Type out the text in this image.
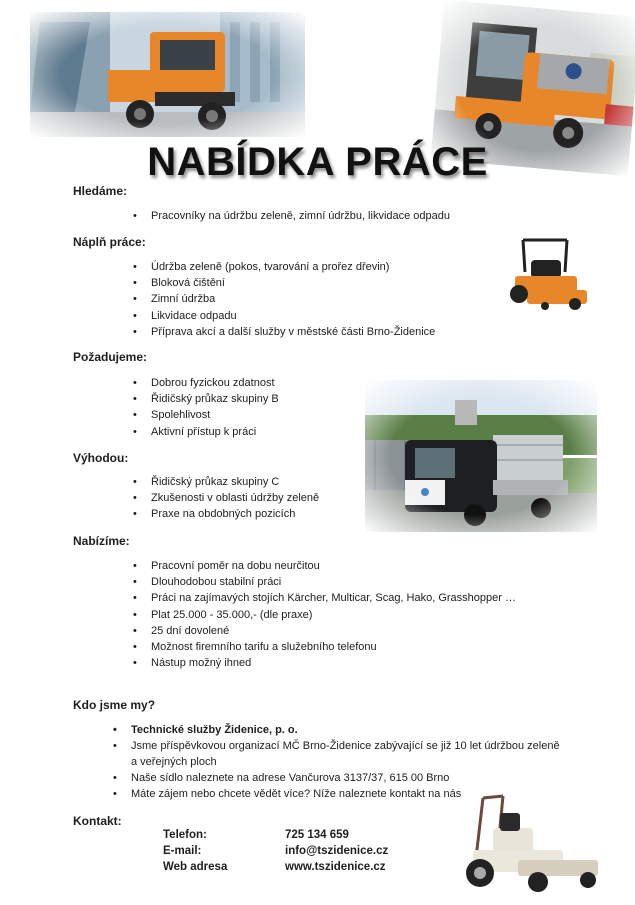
NABÍDKA PRÁCE
Hledáme:
• Pracovníky na údržbu zeleně, zimní údržbu, likvidace odpadu
Náplň práce:
• Údržba zeleně (pokos, tvarování a prořez dřevin)
• Bloková čištění
• Zimní údržba
• Likvidace odpadu
• Příprava akcí a další služby v městské části Brno-Židenice
Požadujeme:
• Dobrou fyzickou zdatnost
• Řidičský průkaz skupiny B
• Spolehlivost
• Aktivní přístup k práci
Výhodou:
• Řidičský průkaz skupiny C
• Zkušenosti v oblasti údržby zeleně
• Praxe na obdobných pozicích
Nabízíme:
• Pracovní poměr na dobu neurčitou
• Dlouhodobou stabilní práci
• Práci na zajímavých stojích Kärcher, Multicar, Scag, Hako, Grasshopper …
• Plat 25.000 - 35.000,- (dle praxe)
• 25 dní dovolené
• Možnost firemního tarifu a služebního telefonu
• Nástup možný ihned
Kdo jsme my?
• Technické služby Židenice, p. o.
• Jsme příspěvkovou organizací MČ Brno-Židenice zabývající se již 10 let údržbou zeleně a veřejných ploch
• Naše sídlo naleznete na adrese Vančurova 3137/37, 615 00 Brno
• Máte zájem nebo chcete vědět více? Níže naleznete kontakt na nás
Kontakt:
Telefon:	725 134 659
E-mail:	info@tszidenice.cz
Web adresa	www.tszidenice.cz
